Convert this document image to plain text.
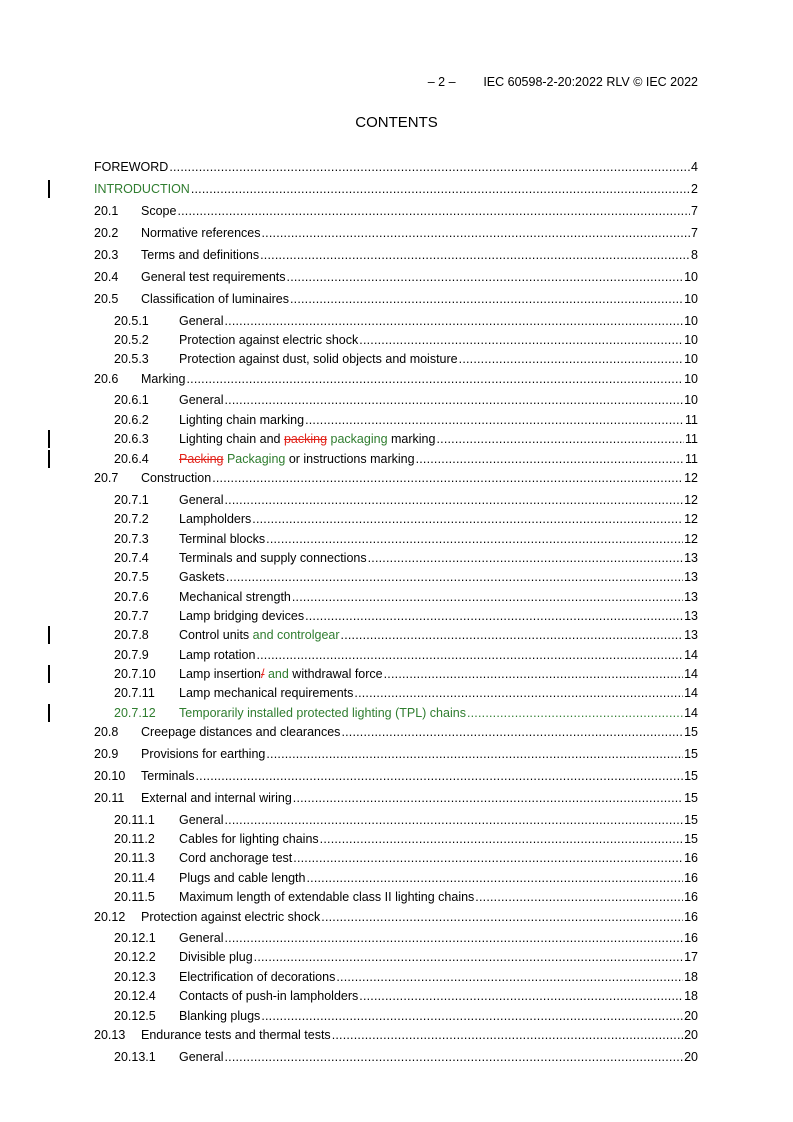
– 2 – IEC 60598-2-20:2022 RLV © IEC 2022
CONTENTS
FOREWORD .....	4
INTRODUCTION .....	2
20.1	Scope .....	7
20.2	Normative references .....	7
20.3	Terms and definitions .....	8
20.4	General test requirements .....	10
20.5	Classification of luminaires .....	10
20.5.1	General .....	10
20.5.2	Protection against electric shock .....	10
20.5.3	Protection against dust, solid objects and moisture .....	10
20.6	Marking .....	10
20.6.1	General .....	10
20.6.2	Lighting chain marking .....	11
20.6.3	Lighting chain and packing packaging marking .....	11
20.6.4	Packing Packaging or instructions marking .....	11
20.7	Construction .....	12
20.7.1	General .....	12
20.7.2	Lampholders .....	12
20.7.3	Terminal blocks .....	12
20.7.4	Terminals and supply connections .....	13
20.7.5	Gaskets .....	13
20.7.6	Mechanical strength .....	13
20.7.7	Lamp bridging devices .....	13
20.7.8	Control units and controlgear .....	13
20.7.9	Lamp rotation .....	14
20.7.10	Lamp insertion/ and withdrawal force .....	14
20.7.11	Lamp mechanical requirements .....	14
20.7.12	Temporarily installed protected lighting (TPL) chains .....	14
20.8	Creepage distances and clearances .....	15
20.9	Provisions for earthing .....	15
20.10	Terminals .....	15
20.11	External and internal wiring .....	15
20.11.1	General .....	15
20.11.2	Cables for lighting chains .....	15
20.11.3	Cord anchorage test .....	16
20.11.4	Plugs and cable length .....	16
20.11.5	Maximum length of extendable class II lighting chains .....	16
20.12	Protection against electric shock .....	16
20.12.1	General .....	16
20.12.2	Divisible plug .....	17
20.12.3	Electrification of decorations .....	18
20.12.4	Contacts of push-in lampholders .....	18
20.12.5	Blanking plugs .....	20
20.13	Endurance tests and thermal tests .....	20
20.13.1	General .....	20
